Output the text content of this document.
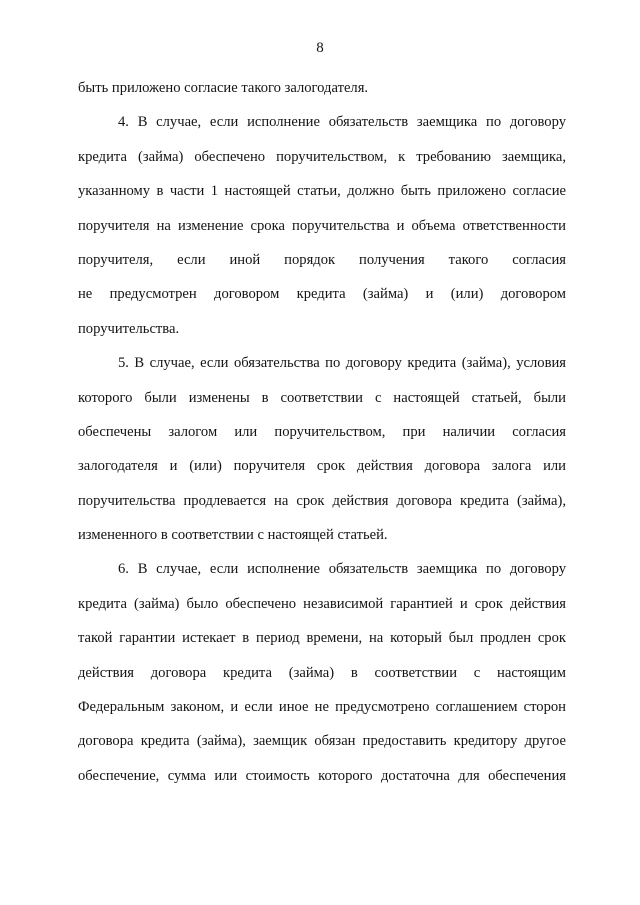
8
быть приложено согласие такого залогодателя.
4. В случае, если исполнение обязательств заемщика по договору
кредита (займа) обеспечено поручительством, к требованию заемщика,
указанному в части 1 настоящей статьи, должно быть приложено согласие
поручителя на изменение срока поручительства и объема ответственности
поручителя, если иной порядок получения такого согласия
не предусмотрен договором кредита (займа) и (или) договором
поручительства.
5. В случае, если обязательства по договору кредита (займа), условия
которого были изменены в соответствии с настоящей статьей, были
обеспечены залогом или поручительством, при наличии согласия
залогодателя и (или) поручителя срок действия договора залога или
поручительства продлевается на срок действия договора кредита (займа),
измененного в соответствии с настоящей статьей.
6. В случае, если исполнение обязательств заемщика по договору
кредита (займа) было обеспечено независимой гарантией и срок действия
такой гарантии истекает в период времени, на который был продлен срок
действия договора кредита (займа) в соответствии с настоящим
Федеральным законом, и если иное не предусмотрено соглашением сторон
договора кредита (займа), заемщик обязан предоставить кредитору другое
обеспечение, сумма или стоимость которого достаточна для обеспечения
